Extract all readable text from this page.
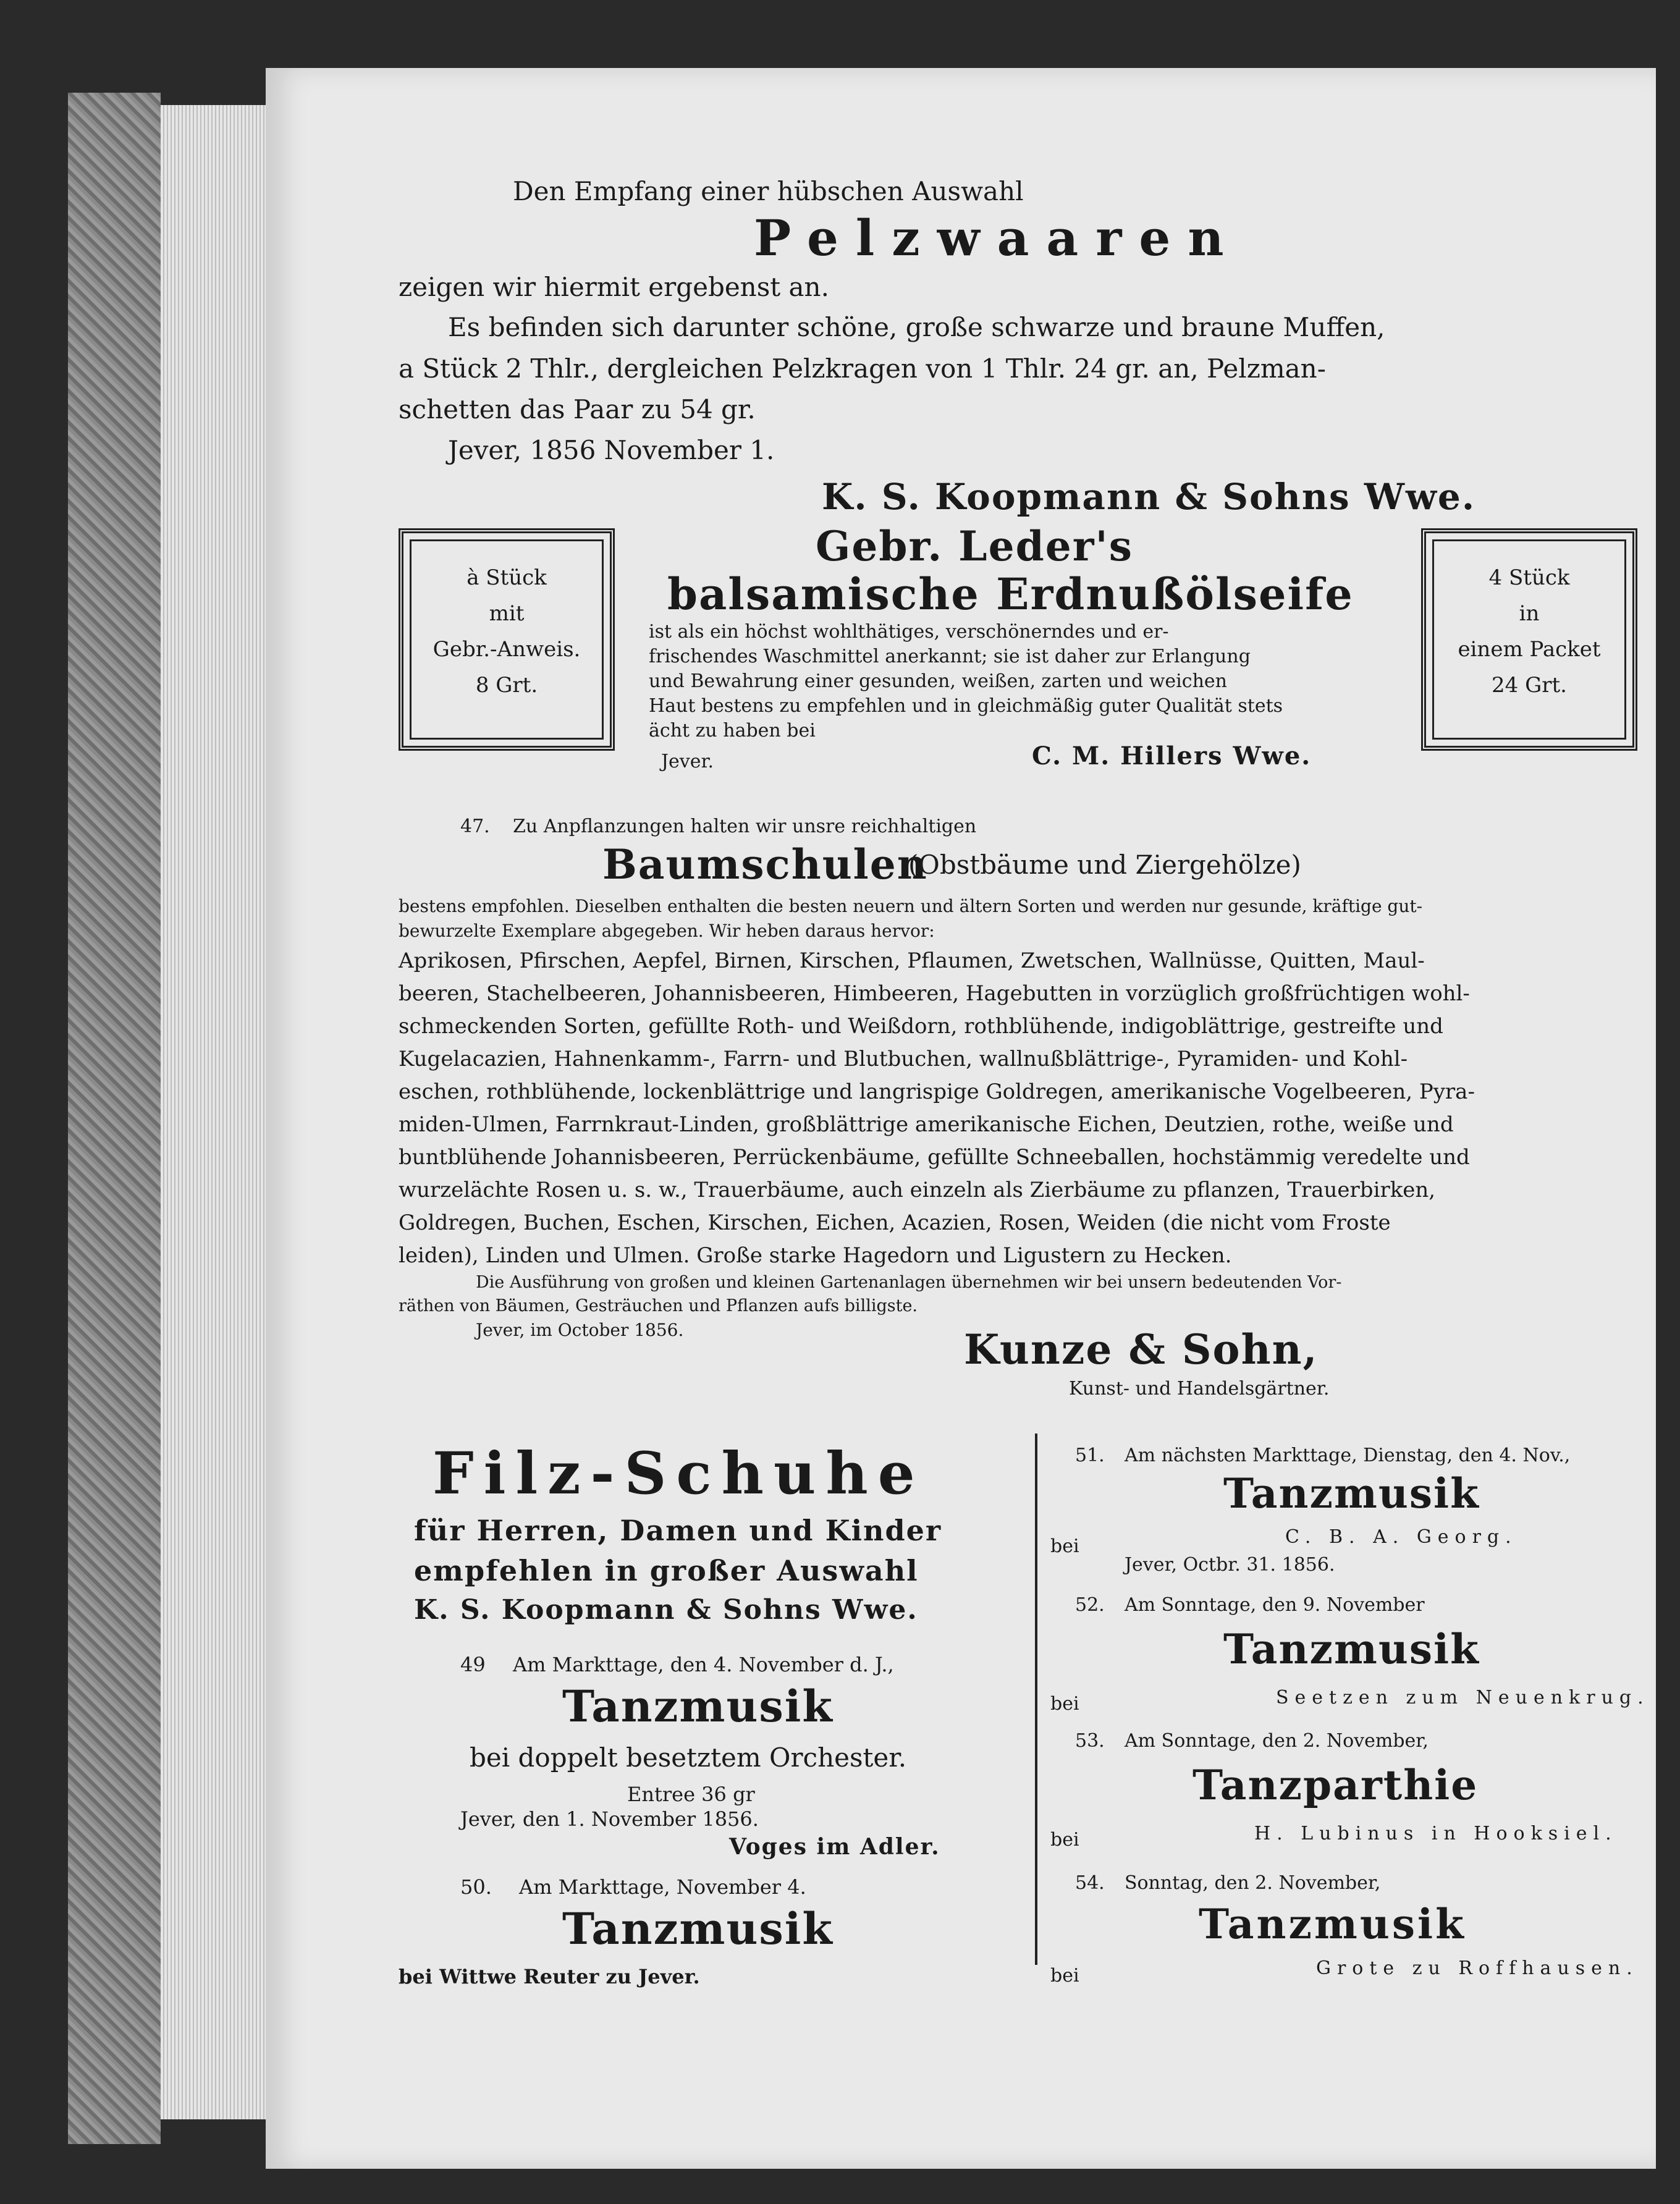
Den Empfang einer hübschen Auswahl
Pelzwaaren
zeigen wir hiermit ergebenst an.
Es befinden sich darunter schöne, große schwarze und braune Muffen,
a Stück 2 Thlr., dergleichen Pelzkragen von 1 Thlr. 24 gr. an, Pelzman-
schetten das Paar zu 54 gr.
Jever, 1856 November 1.
K. S. Koopmann & Sohns Wwe.
à Stück
mit
Gebr.-Anweis.
8 Grt.
4 Stück
in
einem Packet
24 Grt.
Gebr. Leder's
balsamische Erdnußölseife
ist als ein höchst wohlthätiges, verschönerndes und er-
frischendes Waschmittel anerkannt; sie ist daher zur Erlangung
und Bewahrung einer gesunden, weißen, zarten und weichen
Haut bestens zu empfehlen und in gleichmäßig guter Qualität stets
ächt zu haben bei
Jever.	C. M. Hillers Wwe.
47. Zu Anpflanzungen halten wir unsre reichhaltigen
Baumschulen
(Obstbäume und Ziergehölze)
bestens empfohlen. Dieselben enthalten die besten neuern und ältern Sorten und werden nur gesunde, kräftige gut-
bewurzelte Exemplare abgegeben. Wir heben daraus hervor:
Aprikosen, Pfirschen, Aepfel, Birnen, Kirschen, Pflaumen, Zwetschen, Wallnüsse, Quitten, Maul-
beeren, Stachelbeeren, Johannisbeeren, Himbeeren, Hagebutten in vorzüglich großfrüchtigen wohl-
schmeckenden Sorten, gefüllte Roth- und Weißdorn, rothblühende, indigoblättrige, gestreifte und
Kugelacazien, Hahnenkamm-, Farrn- und Blutbuchen, wallnußblättrige-, Pyramiden- und Kohl-
eschen, rothblühende, lockenblättrige und langrispige Goldregen, amerikanische Vogelbeeren, Pyra-
miden-Ulmen, Farrnkraut-Linden, großblättrige amerikanische Eichen, Deutzien, rothe, weiße und
buntblühende Johannisbeeren, Perrückenbäume, gefüllte Schneeballen, hochstämmig veredelte und
wurzelächte Rosen u. s. w., Trauerbäume, auch einzeln als Zierbäume zu pflanzen, Trauerbirken,
Goldregen, Buchen, Eschen, Kirschen, Eichen, Acazien, Rosen, Weiden (die nicht vom Froste
leiden), Linden und Ulmen. Große starke Hagedorn und Ligustern zu Hecken.
Die Ausführung von großen und kleinen Gartenanlagen übernehmen wir bei unsern bedeutenden Vor-
räthen von Bäumen, Gesträuchen und Pflanzen aufs billigste.
Jever, im October 1856.	Kunze & Sohn,
Kunst- und Handelsgärtner.
Filz-Schuhe
für Herren, Damen und Kinder
empfehlen in großer Auswahl
K. S. Koopmann & Sohns Wwe.
49 Am Markttage, den 4. November d. J.,
Tanzmusik
bei doppelt besetztem Orchester.
Entree 36 gr
Jever, den 1. November 1856.
Voges im Adler.
50. Am Markttage, November 4.
Tanzmusik
bei Wittwe Reuter zu Jever.
51. Am nächsten Markttage, Dienstag, den 4. Nov.,
Tanzmusik
bei	C. B. A. Georg.
Jever, Octbr. 31. 1856.
52. Am Sonntage, den 9. November
Tanzmusik
bei	Seetzen zum Neuenkrug.
53. Am Sonntage, den 2. November,
Tanzparthie
bei	H. Lubinus in Hooksiel.
54. Sonntag, den 2. November,
Tanzmusik
bei	Grote zu Roffhausen.
